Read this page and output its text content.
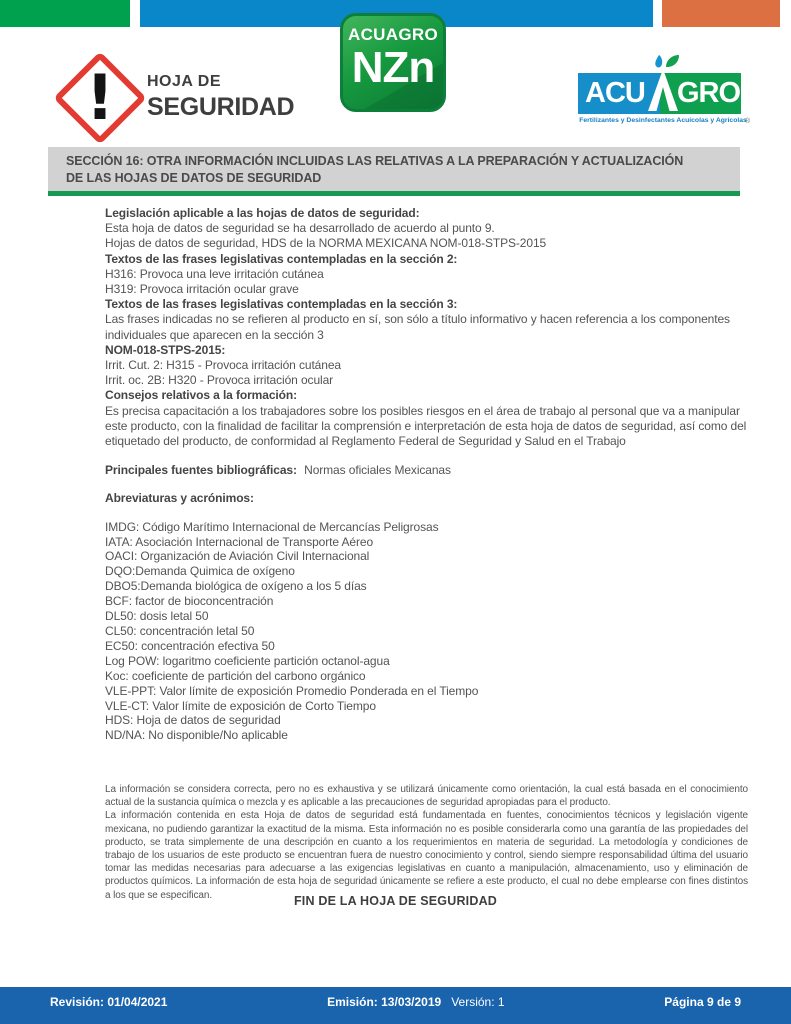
!	HOJA DE
SEGURIDAD
ACUAGRO
NZn
ACU GRO
Fertilizantes y Desinfectantes Acuícolas y Agrícolas
®
SECCIÓN 16: OTRA INFORMACIÓN INCLUIDAS LAS RELATIVAS A LA PREPARACIÓN Y ACTUALIZACIÓN
DE LAS HOJAS DE DATOS DE SEGURIDAD
Legislación aplicable a las hojas de datos de seguridad:
Esta hoja de datos de seguridad se ha desarrollado de acuerdo al punto 9.
Hojas de datos de seguridad, HDS de la NORMA MEXICANA NOM-018-STPS-2015
Textos de las frases legislativas contempladas en la sección 2:
H316: Provoca una leve irritación cutánea
H319: Provoca irritación ocular grave
Textos de las frases legislativas contempladas en la sección 3:
Las frases indicadas no se refieren al producto en sí, son sólo a título informativo y hacen referencia a los componentes
individuales que aparecen en la sección 3
NOM-018-STPS-2015:
Irrit. Cut. 2: H315 - Provoca irritación cutánea
Irrit. oc. 2B: H320 - Provoca irritación ocular
Consejos relativos a la formación:
Es precisa capacitación a los trabajadores sobre los posibles riesgos en el área de trabajo al personal que va a manipular
este producto, con la finalidad de facilitar la comprensión e interpretación de esta hoja de datos de seguridad, así como del
etiquetado del producto, de conformidad al Reglamento Federal de Seguridad y Salud en el Trabajo
Principales fuentes bibliográficas: Normas oficiales Mexicanas
Abreviaturas y acrónimos:
IMDG: Código Marítimo Internacional de Mercancías Peligrosas
IATA: Asociación Internacional de Transporte Aéreo
OACI: Organización de Aviación Civil Internacional
DQO:Demanda Quimica de oxígeno
DBO5:Demanda biológica de oxígeno a los 5 días
BCF: factor de bioconcentración
DL50: dosis letal 50
CL50: concentración letal 50
EC50: concentración efectiva 50
Log POW: logaritmo coeficiente partición octanol-agua
Koc: coeficiente de partición del carbono orgánico
VLE-PPT: Valor límite de exposición Promedio Ponderada en el Tiempo
VLE-CT: Valor límite de exposición de Corto Tiempo
HDS: Hoja de datos de seguridad
ND/NA: No disponible/No aplicable

La información se considera correcta, pero no es exhaustiva y se utilizará únicamente como orientación, la cual está basada en el conocimiento actual de la sustancia química o mezcla y es aplicable a las precauciones de seguridad apropiadas para el producto.

La información contenida en esta Hoja de datos de seguridad está fundamentada en fuentes, conocimientos técnicos y legislación vigente mexicana, no pudiendo garantizar la exactitud de la misma. Esta información no es posible considerarla como una garantía de las propiedades del producto, se trata simplemente de una descripción en cuanto a los requerimientos en materia de seguridad. La metodología y condiciones de trabajo de los usuarios de este producto se encuentran fuera de nuestro conocimiento y control, siendo siempre responsabilidad última del usuario tomar las medidas necesarias para adecuarse a las exigencias legislativas en cuanto a manipulación, almacenamiento, uso y eliminación de productos químicos. La información de esta hoja de seguridad únicamente se refiere a este producto, el cual no debe emplearse con fines distintos a los que se especifican.	FIN DE LA HOJA DE SEGURIDAD
Revisión: 01/04/2021	Emisión: 13/03/2019 Versión: 1	Página 9 de 9
